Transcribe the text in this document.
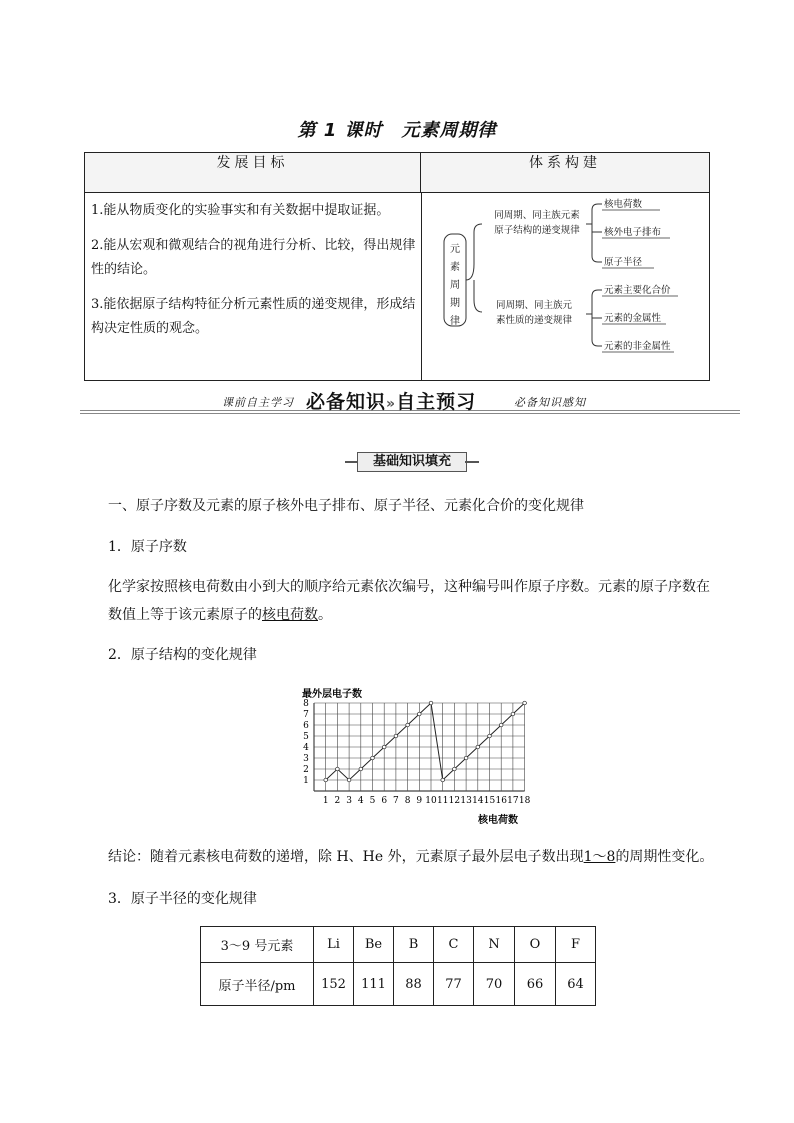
第 1 课时　元素周期律
发展目标	体系构建

1.能从物质变化的实验事实和有关数据中提取证据。

2.能从宏观和微观结合的视角进行分析、比较，得出规律性的结论。

3.能依据原子结构特征分析元素性质的递变规律，形成结构决定性质的观念。

元
素
周
期
律
同周期、同主族元素
原子结构的递变规律
同周期、同主族元
素性质的递变规律
核电荷数
核外电子排布
原子半径
元素主要化合价
元素的金属性
元素的非金属性
课前自主学习 必备知识»自主预习	必备知识感知
基础知识填充
一、原子序数及元素的原子核外电子排布、原子半径、元素化合价的变化规律
1．原子序数
化学家按照核电荷数由小到大的顺序给元素依次编号，这种编号叫作原子序数。元素的原子序数在数值上等于该元素原子的核电荷数。
2．原子结构的变化规律
最外层电子数
核电荷数
1 2 3 4 5 6 7 8 9 10 11 12 13 14 15 16 17 18
1
2
3
4
5
6
7
8
结论：随着元素核电荷数的递增，除 H、He 外，元素原子最外层电子数出现1～8的周期性变化。
3．原子半径的变化规律
3～9 号元素	Li	Be	B	C	N	O	F
原子半径/pm	152	111	88	77	70	66	64
